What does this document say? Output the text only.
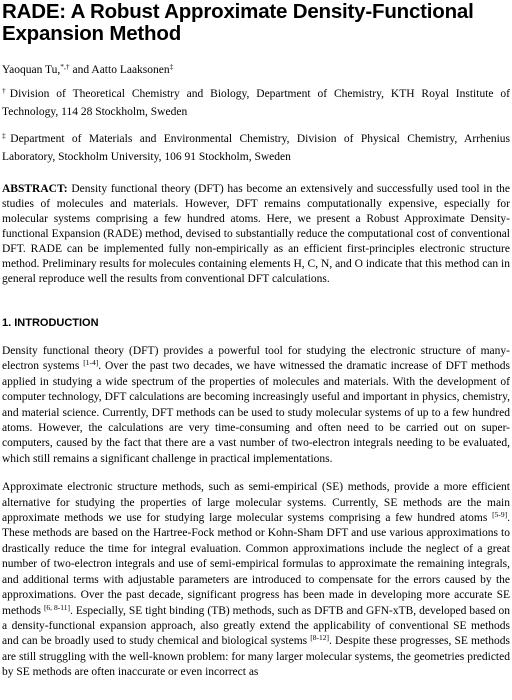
RADE: A Robust Approximate Density-Functional Expansion Method
Yaoquan Tu,*,† and Aatto Laaksonen‡
†Division of Theoretical Chemistry and Biology, Department of Chemistry, KTH Royal Institute of Technology, 114 28 Stockholm, Sweden
‡Department of Materials and Environmental Chemistry, Division of Physical Chemistry, Arrhenius Laboratory, Stockholm University, 106 91 Stockholm, Sweden
ABSTRACT: Density functional theory (DFT) has become an extensively and successfully used tool in the studies of molecules and materials. However, DFT remains computationally expensive, especially for molecular systems comprising a few hundred atoms. Here, we present a Robust Approximate Density-functional Expansion (RADE) method, devised to substantially reduce the computational cost of conventional DFT. RADE can be implemented fully non-empirically as an efficient first-principles electronic structure method. Preliminary results for molecules containing elements H, C, N, and O indicate that this method can in general reproduce well the results from conventional DFT calculations.
1. INTRODUCTION

Density functional theory (DFT) provides a powerful tool for studying the electronic structure of many-electron systems [1-4]. Over the past two decades, we have witnessed the dramatic increase of DFT methods applied in studying a wide spectrum of the properties of molecules and materials. With the development of computer technology, DFT calculations are becoming increasingly useful and important in physics, chemistry, and material science. Currently, DFT methods can be used to study molecular systems of up to a few hundred atoms. However, the calculations are very time-consuming and often need to be carried out on super-computers, caused by the fact that there are a vast number of two-electron integrals needing to be evaluated, which still remains a significant challenge in practical implementations.

Approximate electronic structure methods, such as semi-empirical (SE) methods, provide a more efficient alternative for studying the properties of large molecular systems. Currently, SE methods are the main approximate methods we use for studying large molecular systems comprising a few hundred atoms [5-9]. These methods are based on the Hartree-Fock method or Kohn-Sham DFT and use various approximations to drastically reduce the time for integral evaluation. Common approximations include the neglect of a great number of two-electron integrals and use of semi-empirical formulas to approximate the remaining integrals, and additional terms with adjustable parameters are introduced to compensate for the errors caused by the approximations. Over the past decade, significant progress has been made in developing more accurate SE methods [6, 8-11]. Especially, SE tight binding (TB) methods, such as DFTB and GFN-xTB, developed based on a density-functional expansion approach, also greatly extend the applicability of conventional SE methods and can be broadly used to study chemical and biological systems [8-12]. Despite these progresses, SE methods are still struggling with the well-known problem: for many larger molecular systems, the geometries predicted by SE methods are often inaccurate or even incorrect as
